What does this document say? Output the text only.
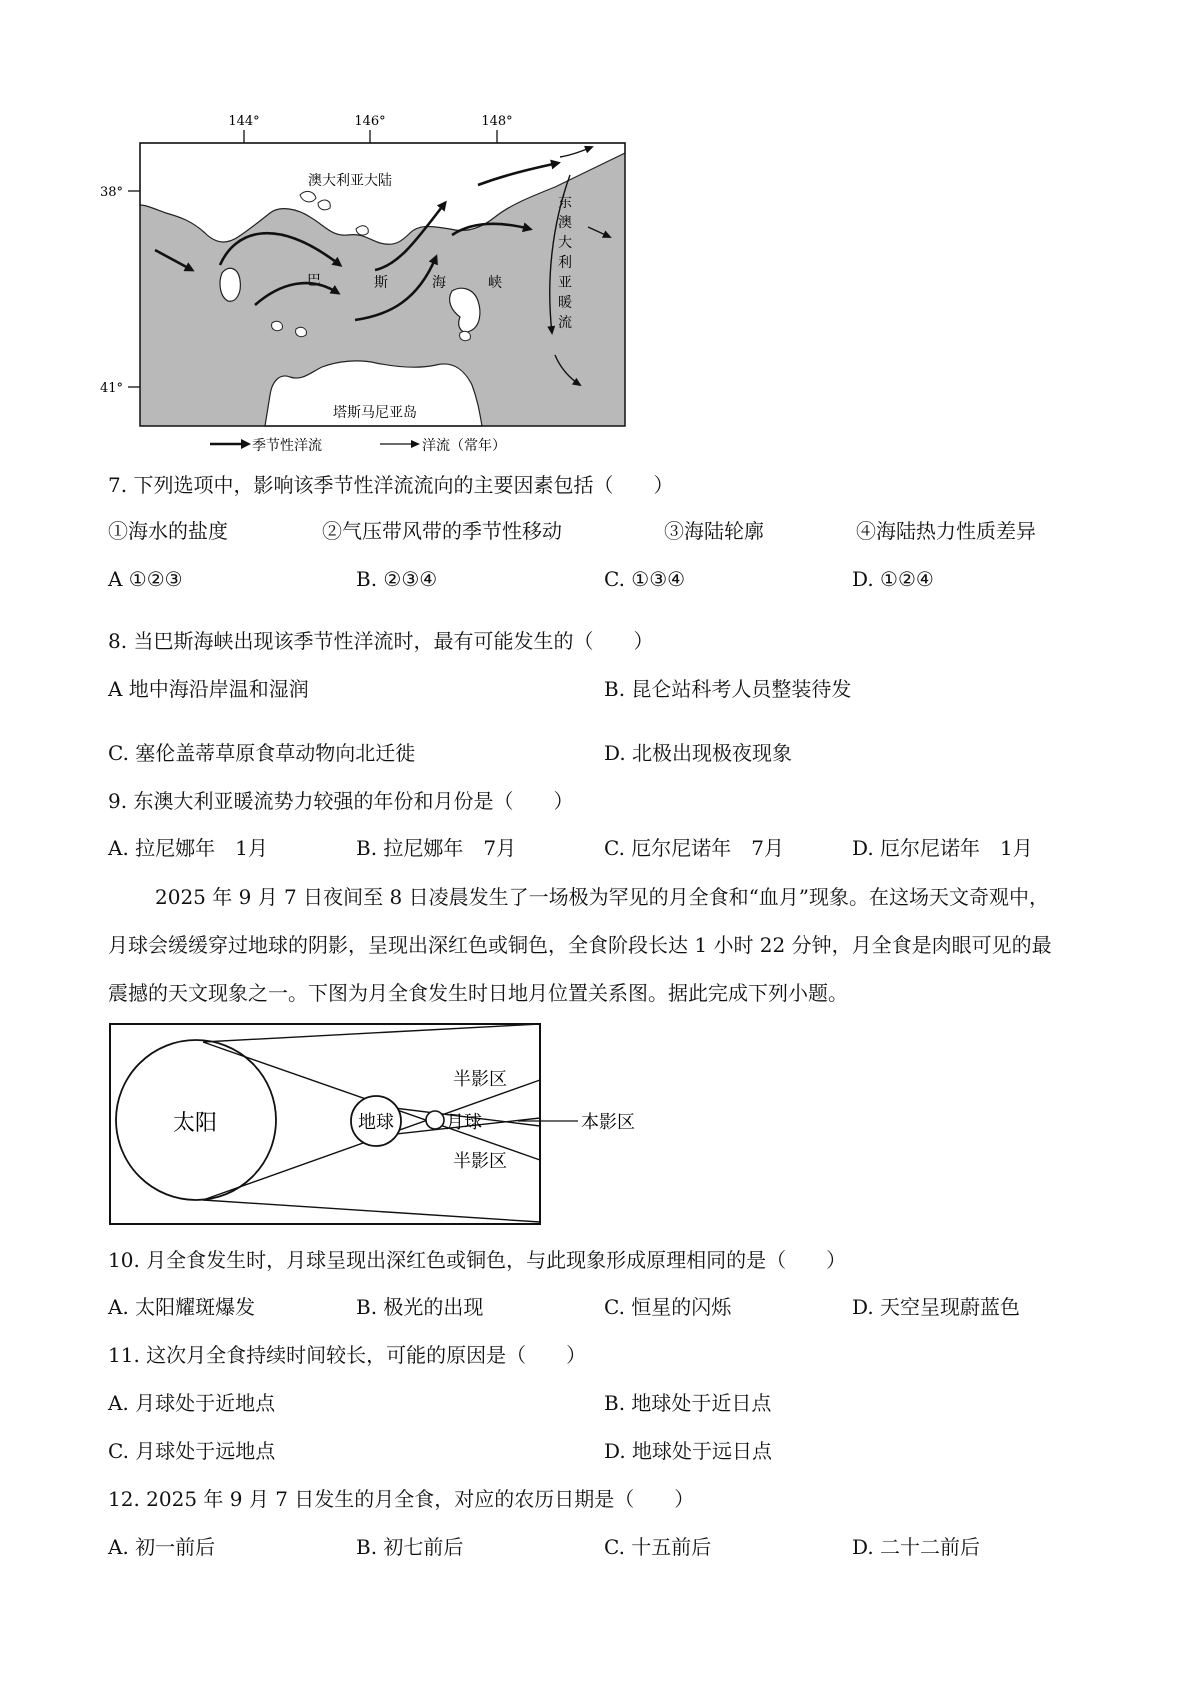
144°	146°	148°
38°
41°
澳大利亚大陆
巴	斯	海	峡
东
澳
大
利
亚
暖
流
塔斯马尼亚岛
季节性洋流	洋流（常年）
7. 下列选项中，影响该季节性洋流流向的主要因素包括（　　）
①海水的盐度	②气压带风带的季节性移动	③海陆轮廓	④海陆热力性质差异
A ①②③	B. ②③④	C. ①③④	D. ①②④
8. 当巴斯海峡出现该季节性洋流时，最有可能发生的（　　）
A 地中海沿岸温和湿润	B. 昆仑站科考人员整装待发
C. 塞伦盖蒂草原食草动物向北迁徙	D. 北极出现极夜现象
9. 东澳大利亚暖流势力较强的年份和月份是（　　）
A. 拉尼娜年　1月	B. 拉尼娜年　7月	C. 厄尔尼诺年　7月	D. 厄尔尼诺年　1月
2025 年 9 月 7 日夜间至 8 日凌晨发生了一场极为罕见的月全食和“血月”现象。在这场天文奇观中，
月球会缓缓穿过地球的阴影，呈现出深红色或铜色，全食阶段长达 1 小时 22 分钟，月全食是肉眼可见的最
震撼的天文现象之一。下图为月全食发生时日地月位置关系图。据此完成下列小题。
太阳	地球	月球
半影区
半影区
本影区
10. 月全食发生时，月球呈现出深红色或铜色，与此现象形成原理相同的是（　　）
A. 太阳耀斑爆发	B. 极光的出现	C. 恒星的闪烁	D. 天空呈现蔚蓝色
11. 这次月全食持续时间较长，可能的原因是（　　）
A. 月球处于近地点	B. 地球处于近日点
C. 月球处于远地点	D. 地球处于远日点
12. 2025 年 9 月 7 日发生的月全食，对应的农历日期是（　　）
A. 初一前后	B. 初七前后	C. 十五前后	D. 二十二前后
